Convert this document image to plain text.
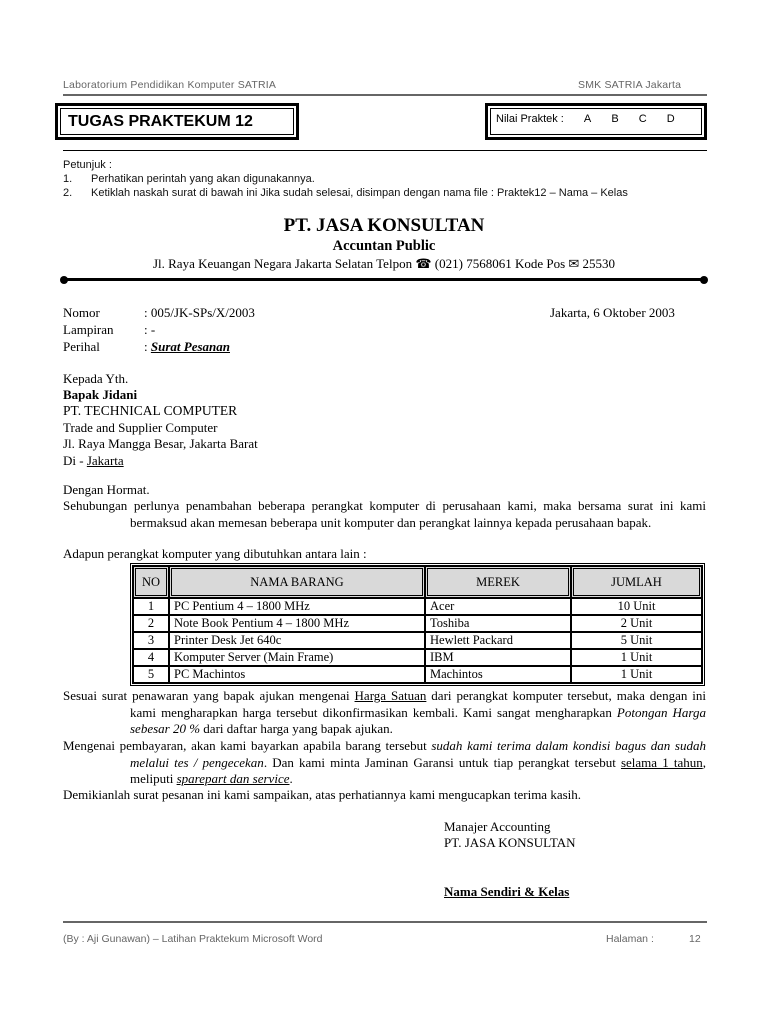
Laboratorium Pendidikan Komputer SATRIA	SMK SATRIA Jakarta
TUGAS PRAKTEKUM 12	Nilai Praktek : A B C D
Petunjuk :
1. Perhatikan perintah yang akan digunakannya.
2. Ketiklah naskah surat di bawah ini Jika sudah selesai, disimpan dengan nama file : Praktek12 – Nama – Kelas
PT. JASA KONSULTAN
Accuntan Public
Jl. Raya Keuangan Negara Jakarta Selatan Telpon ☎ (021) 7568061 Kode Pos ✉ 25530
Nomor	: 005/JK-SPs/X/2003	Jakarta, 6 Oktober 2003
Lampiran : -
Perihal	: Surat Pesanan
Kepada Yth.
Bapak Jidani
PT. TECHNICAL COMPUTER
Trade and Supplier Computer
Jl. Raya Mangga Besar, Jakarta Barat
Di - Jakarta
Dengan Hormat.
Sehubungan perlunya penambahan beberapa perangkat komputer di perusahaan kami, maka bersama surat ini kami bermaksud akan memesan beberapa unit komputer dan perangkat lainnya kepada perusahaan bapak.
Adapun perangkat komputer yang dibutuhkan antara lain :
NO	NAMA BARANG	MEREK	JUMLAH
1	PC Pentium 4 – 1800 MHz	Acer	10 Unit
2	Note Book Pentium 4 – 1800 MHz	Toshiba	2 Unit
3	Printer Desk Jet 640c	Hewlett Packard	5 Unit
4	Komputer Server (Main Frame)	IBM	1 Unit
5	PC Machintos	Machintos	1 Unit
Sesuai surat penawaran yang bapak ajukan mengenai Harga Satuan dari perangkat komputer tersebut, maka dengan ini kami mengharapkan harga tersebut dikonfirmasikan kembali. Kami sangat mengharapkan Potongan Harga sebesar 20 % dari daftar harga yang bapak ajukan.
Mengenai pembayaran, akan kami bayarkan apabila barang tersebut sudah kami terima dalam kondisi bagus dan sudah melalui tes / pengecekan. Dan kami minta Jaminan Garansi untuk tiap perangkat tersebut selama 1 tahun, meliputi sparepart dan service.
Demikianlah surat pesanan ini kami sampaikan, atas perhatiannya kami mengucapkan terima kasih.
Manajer Accounting
PT. JASA KONSULTAN
Nama Sendiri & Kelas
(By : Aji Gunawan) – Latihan Praktekum Microsoft Word	Halaman :	12
